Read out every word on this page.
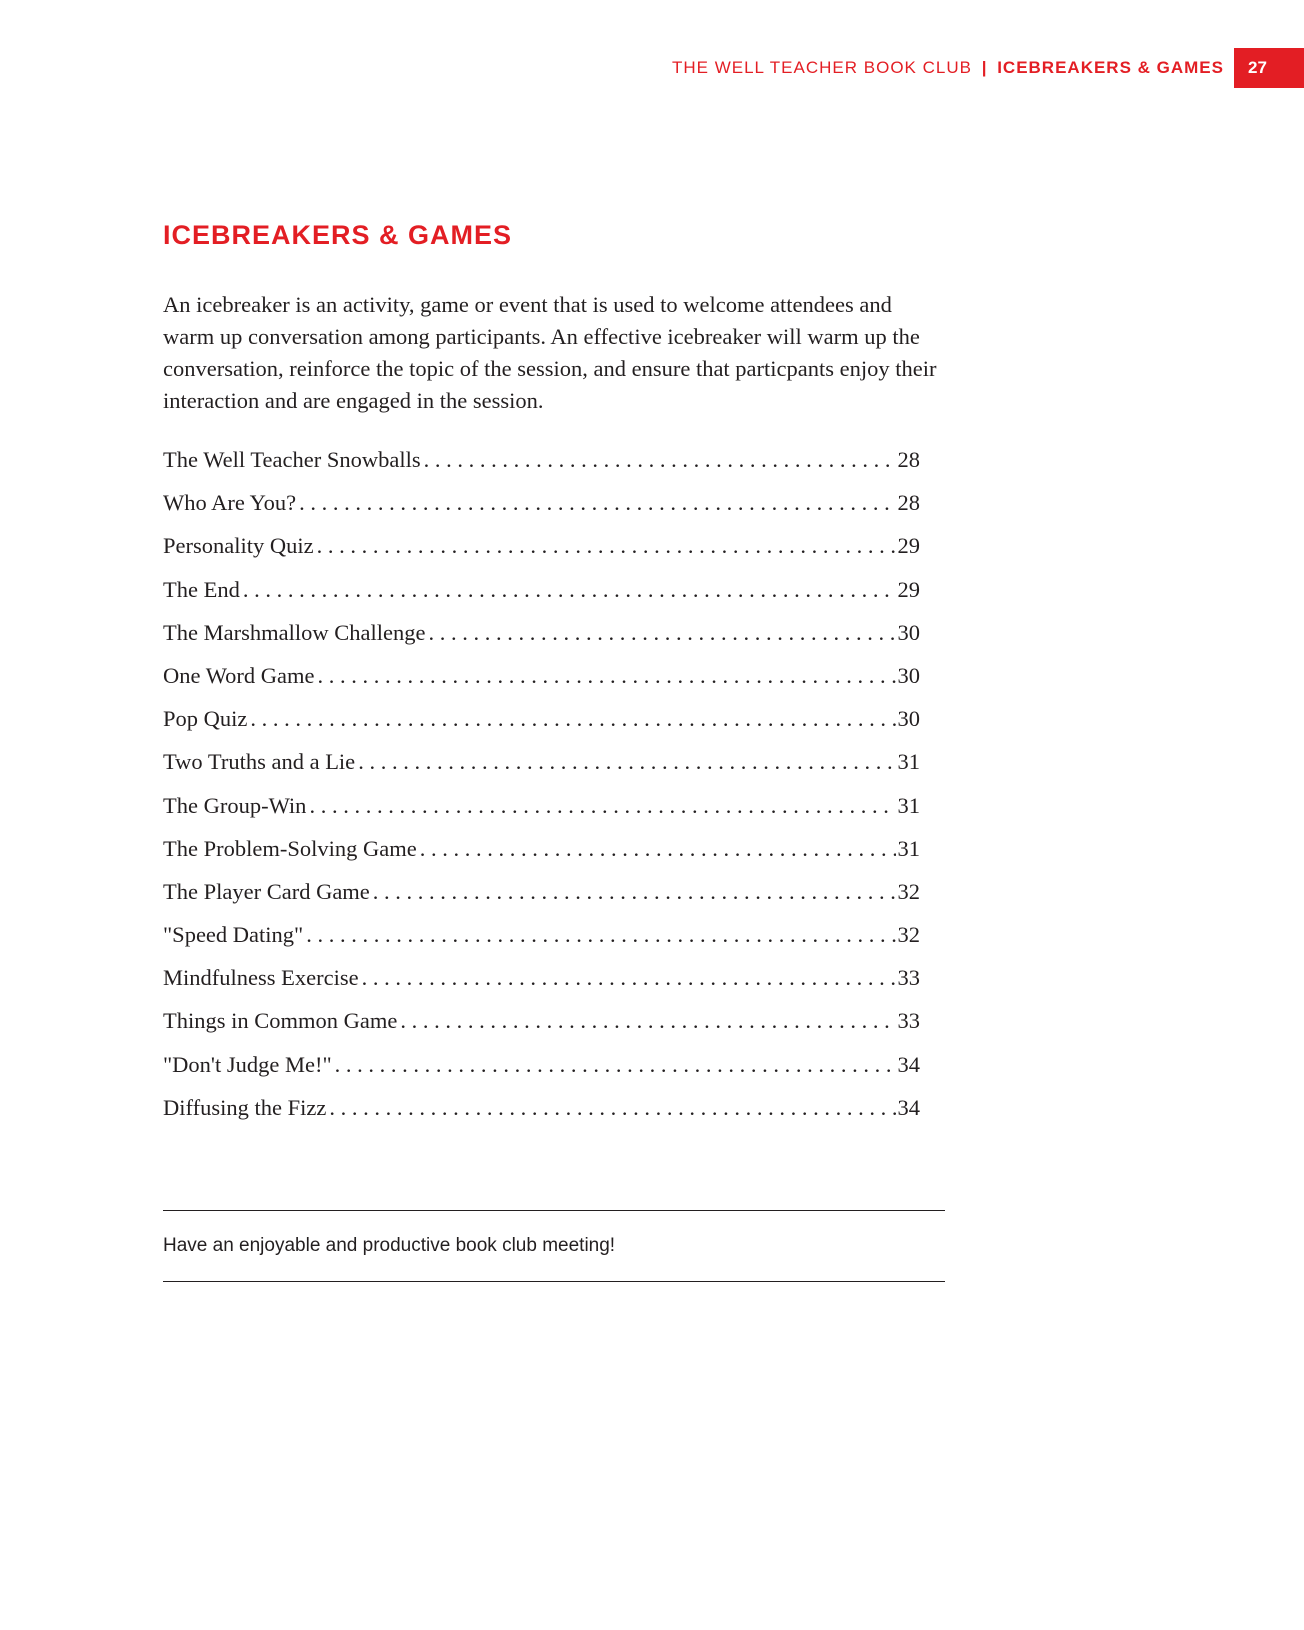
THE WELL TEACHER BOOK CLUB | ICEBREAKERS & GAMES	27
ICEBREAKERS & GAMES

An icebreaker is an activity, game or event that is used to welcome attendees and warm up conversation among participants. An effective icebreaker will warm up the conversation, reinforce the topic of the session, and ensure that particpants enjoy their interaction and are engaged in the session.

The Well Teacher Snowballs . . .	28
Who Are You? . . .	28
Personality Quiz . . .	29
The End . . .	29
The Marshmallow Challenge . . .	30
One Word Game . . .	30
Pop Quiz . . .	30
Two Truths and a Lie . . .	31
The Group-Win . . .	31
The Problem-Solving Game . . .	31
The Player Card Game . . .	32
"Speed Dating" . . .	32
Mindfulness Exercise . . .	33
Things in Common Game . . .	33
"Don't Judge Me!" . . .	34
Diffusing the Fizz . . .	34
Have an enjoyable and productive book club meeting!
